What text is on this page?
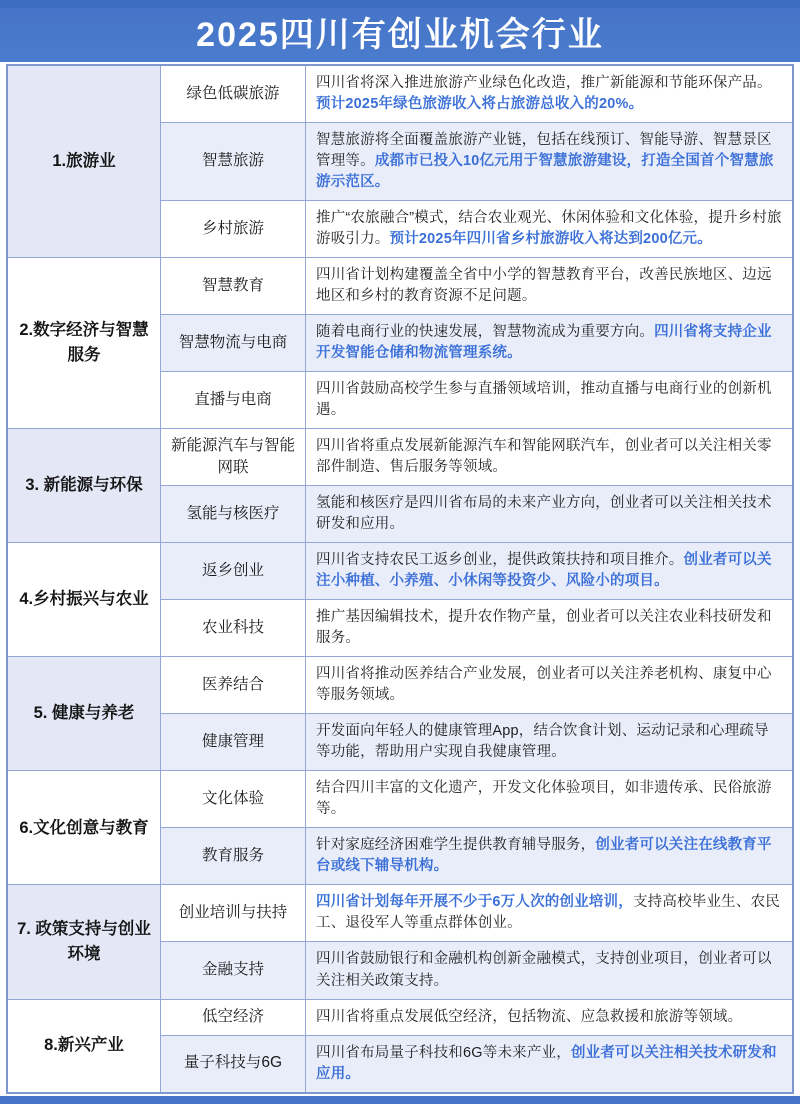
2025四川有创业机会行业
1.旅游业	绿色低碳旅游	四川省将深入推进旅游产业绿色化改造，推广新能源和节能环保产品。预计2025年绿色旅游收入将占旅游总收入的20%。
	智慧旅游	智慧旅游将全面覆盖旅游产业链，包括在线预订、智能导游、智慧景区管理等。成都市已投入10亿元用于智慧旅游建设，打造全国首个智慧旅游示范区。
	乡村旅游	推广“农旅融合”模式，结合农业观光、休闲体验和文化体验，提升乡村旅游吸引力。预计2025年四川省乡村旅游收入将达到200亿元。
2.数字经济与智慧服务	智慧教育	四川省计划构建覆盖全省中小学的智慧教育平台，改善民族地区、边远地区和乡村的教育资源不足问题。
	智慧物流与电商	随着电商行业的快速发展，智慧物流成为重要方向。四川省将支持企业开发智能仓储和物流管理系统。
	直播与电商	四川省鼓励高校学生参与直播领域培训，推动直播与电商行业的创新机遇。
3. 新能源与环保	新能源汽车与智能网联	四川省将重点发展新能源汽车和智能网联汽车，创业者可以关注相关零部件制造、售后服务等领域。
	氢能与核医疗	氢能和核医疗是四川省布局的未来产业方向，创业者可以关注相关技术研发和应用。
4.乡村振兴与农业	返乡创业	四川省支持农民工返乡创业，提供政策扶持和项目推介。创业者可以关注小种植、小养殖、小休闲等投资少、风险小的项目。
	农业科技	推广基因编辑技术，提升农作物产量，创业者可以关注农业科技研发和服务。
5. 健康与养老	医养结合	四川省将推动医养结合产业发展，创业者可以关注养老机构、康复中心等服务领域。
	健康管理	开发面向年轻人的健康管理App，结合饮食计划、运动记录和心理疏导等功能，帮助用户实现自我健康管理。
6.文化创意与教育	文化体验	结合四川丰富的文化遗产，开发文化体验项目，如非遗传承、民俗旅游等。
	教育服务	针对家庭经济困难学生提供教育辅导服务，创业者可以关注在线教育平台或线下辅导机构。
7. 政策支持与创业环境	创业培训与扶持	四川省计划每年开展不少于6万人次的创业培训，支持高校毕业生、农民工、退役军人等重点群体创业。
	金融支持	四川省鼓励银行和金融机构创新金融模式，支持创业项目，创业者可以关注相关政策支持。
8.新兴产业	低空经济	四川省将重点发展低空经济，包括物流、应急救援和旅游等领域。
	量子科技与6G	四川省布局量子科技和6G等未来产业，创业者可以关注相关技术研发和应用。
